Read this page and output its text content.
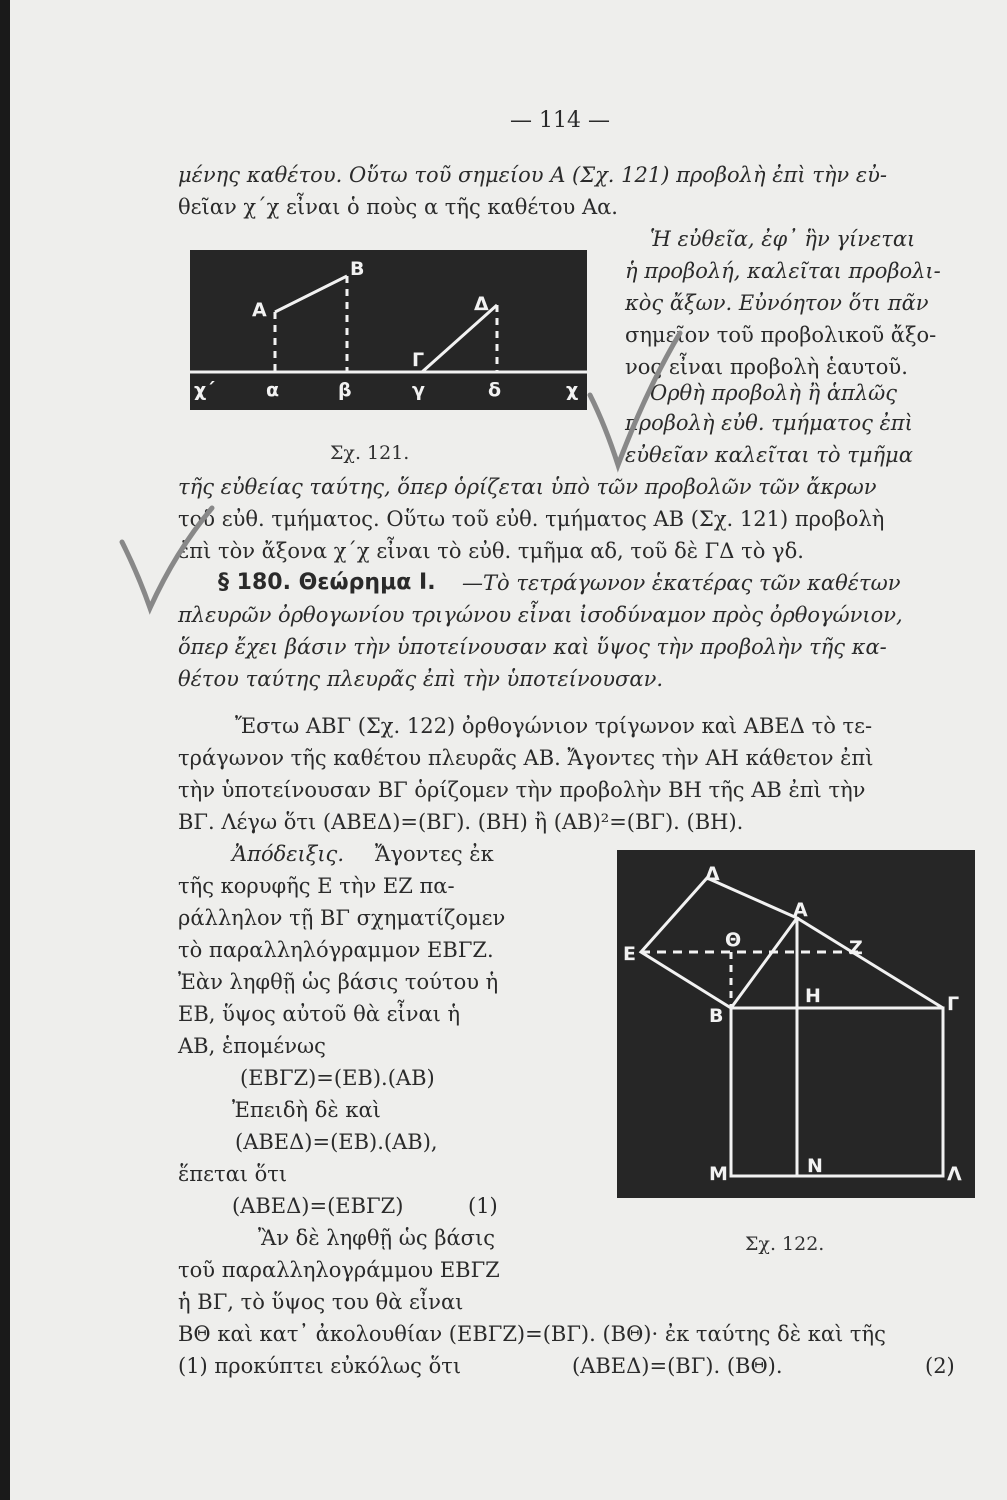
— 114 —
μένης καθέτου. Οὕτω τοῦ σημείου Α (Σχ. 121) προβολὴ ἐπὶ τὴν εὐ-
θεῖαν χ΄χ εἶναι ὁ ποὺς α τῆς καθέτου Αα.
Ἡ εὐθεῖα, ἐφ᾽ ἣν γίνεται
ἡ προβολή, καλεῖται προβολι-
κὸς ἄξων. Εὐνόητον ὅτι πᾶν
σημεῖον τοῦ προβολικοῦ ἄξο-
νος εἶναι προβολὴ ἑαυτοῦ.
Ὀρθὴ προβολὴ ἢ ἁπλῶς
προβολὴ εὐθ. τμήματος ἐπὶ
εὐθεῖαν καλεῖται τὸ τμῆμα
τῆς εὐθείας ταύτης, ὅπερ ὁρίζεται ὑπὸ τῶν προβολῶν τῶν ἄκρων
τοῦ εὐθ. τμήματος. Οὕτω τοῦ εὐθ. τμήματος ΑΒ (Σχ. 121) προβολὴ
ἐπὶ τὸν ἄξονα χ΄χ εἶναι τὸ εὐθ. τμῆμα αδ, τοῦ δὲ ΓΔ τὸ γδ.
§ 180. Θεώρημα Ι. —Τὸ τετράγωνον ἑκατέρας τῶν καθέτων
πλευρῶν ὀρθογωνίου τριγώνου εἶναι ἰσοδύναμον πρὸς ὀρθογώνιον,
ὅπερ ἔχει βάσιν τὴν ὑποτείνουσαν καὶ ὕψος τὴν προβολὴν τῆς κα-
θέτου ταύτης πλευρᾶς ἐπὶ τὴν ὑποτείνουσαν.
Ἔστω ΑΒΓ (Σχ. 122) ὀρθογώνιον τρίγωνον καὶ ΑΒΕΔ τὸ τε-
τράγωνον τῆς καθέτου πλευρᾶς ΑΒ. Ἄγοντες τὴν ΑΗ κάθετον ἐπὶ
τὴν ὑποτείνουσαν ΒΓ ὁρίζομεν τὴν προβολὴν ΒΗ τῆς ΑΒ ἐπὶ τὴν
ΒΓ. Λέγω ὅτι (ΑΒΕΔ)=(ΒΓ). (ΒΗ) ἢ (ΑΒ)²=(ΒΓ). (ΒΗ).
Ἀπόδειξις. Ἄγοντες ἐκ
τῆς κορυφῆς Ε τὴν ΕΖ πα-
ράλληλον τῇ ΒΓ σχηματίζομεν
τὸ παραλληλόγραμμον ΕΒΓΖ.
Ἐὰν ληφθῇ ὡς βάσις τούτου ἡ
ΕΒ, ὕψος αὐτοῦ θὰ εἶναι ἡ
ΑΒ, ἑπομένως
(ΕΒΓΖ)=(ΕΒ).(ΑΒ)
Ἐπειδὴ δὲ καὶ
(ΑΒΕΔ)=(ΕΒ).(ΑΒ),
ἕπεται ὅτι
(ΑΒΕΔ)=(ΕΒΓΖ)	(1)
Ἂν δὲ ληφθῇ ὡς βάσις
τοῦ παραλληλογράμμου ΕΒΓΖ
ἡ ΒΓ, τὸ ὕψος του θὰ εἶναι
ΒΘ καὶ κατ᾽ ἀκολουθίαν (ΕΒΓΖ)=(ΒΓ). (ΒΘ)· ἐκ ταύτης δὲ καὶ τῆς
(1) προκύπτει εὐκόλως ὅτι	(ΑΒΕΔ)=(ΒΓ). (ΒΘ).	(2)
Β
Α	Δ
Γ
χ΄	α	β	γ	δ	χ
Σχ. 121.
Δ
Α
Ε
Θ	Ζ
Η
Β
Γ
Μ	Ν	Λ
Σχ. 122.
